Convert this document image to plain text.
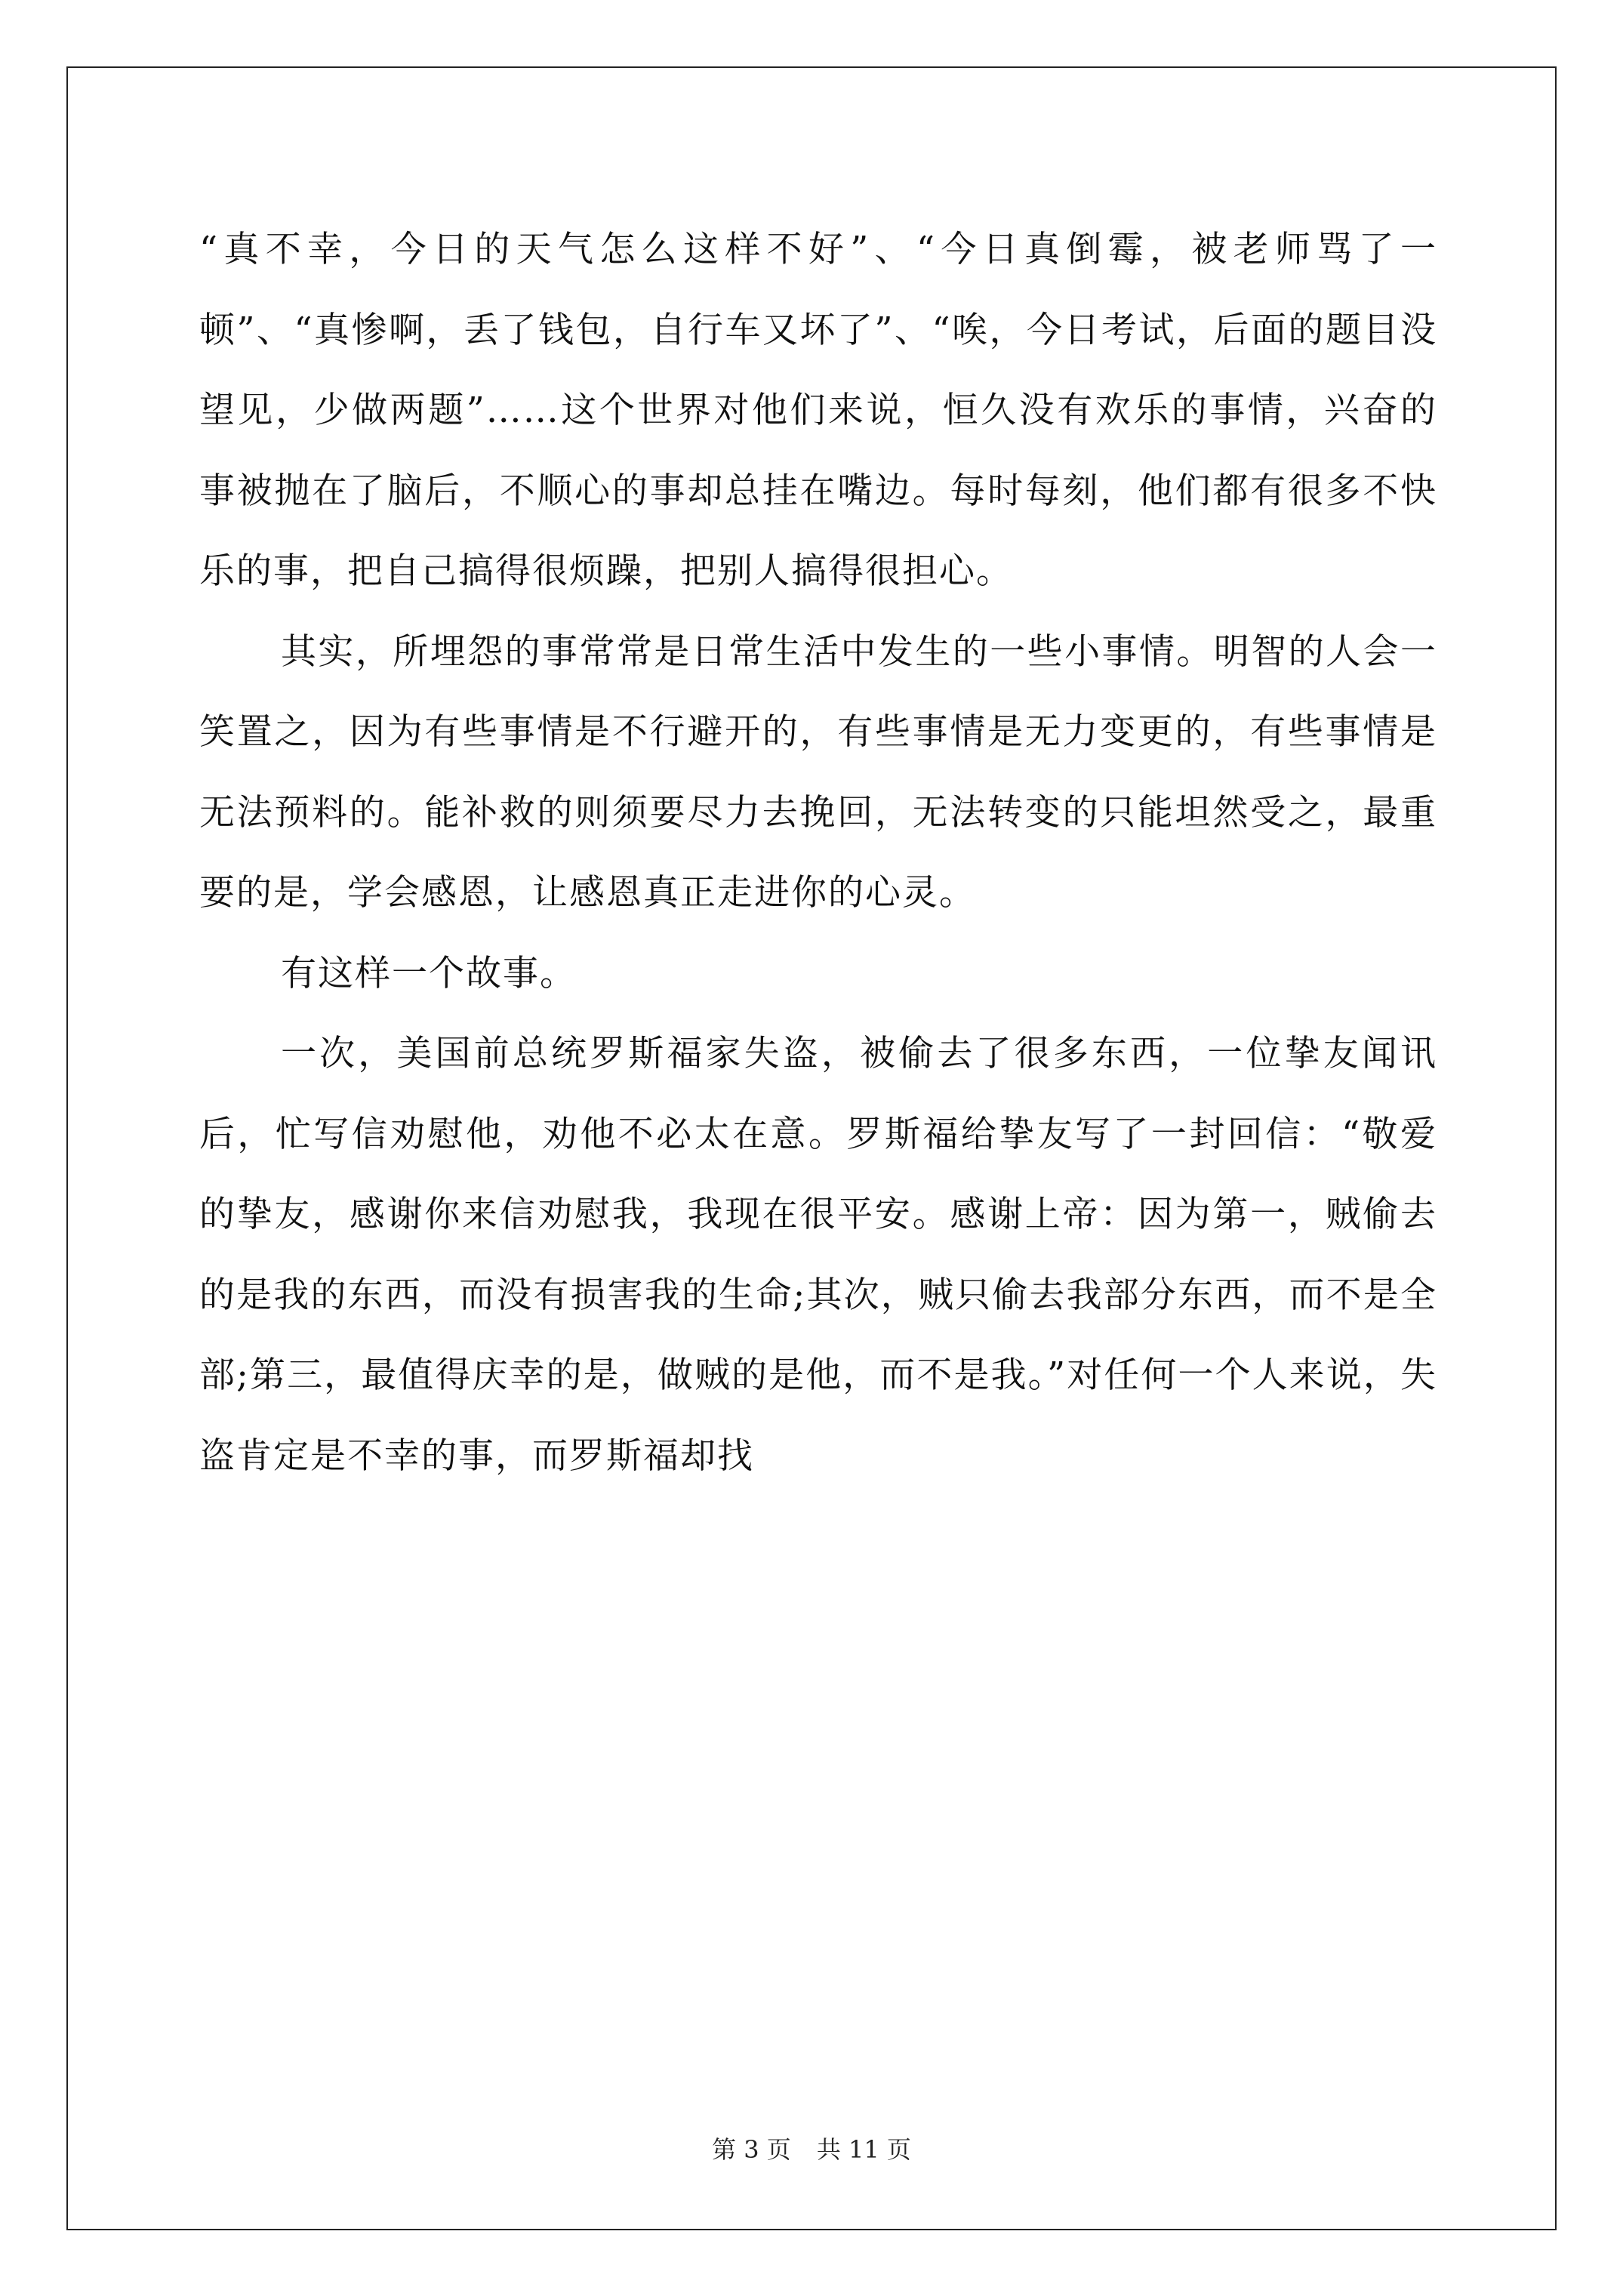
“真不幸，今日的天气怎么这样不好”、“今日真倒霉，被老师骂了一顿”、“真惨啊，丢了钱包，自行车又坏了”、“唉，今日考试，后面的题目没望见，少做两题”……这个世界对他们来说，恒久没有欢乐的事情，兴奋的事被抛在了脑后，不顺心的事却总挂在嘴边。每时每刻，他们都有很多不快乐的事，把自己搞得很烦躁，把别人搞得很担心。

其实，所埋怨的事常常是日常生活中发生的一些小事情。明智的人会一笑置之，因为有些事情是不行避开的，有些事情是无力变更的，有些事情是无法预料的。能补救的则须要尽力去挽回，无法转变的只能坦然受之，最重要的是，学会感恩，让感恩真正走进你的心灵。

有这样一个故事。

一次，美国前总统罗斯福家失盗，被偷去了很多东西，一位挚友闻讯后，忙写信劝慰他，劝他不必太在意。罗斯福给挚友写了一封回信：“敬爱的挚友，感谢你来信劝慰我，我现在很平安。感谢上帝：因为第一，贼偷去的是我的东西，而没有损害我的生命;其次，贼只偷去我部分东西，而不是全部;第三，最值得庆幸的是，做贼的是他，而不是我。”对任何一个人来说，失盗肯定是不幸的事，而罗斯福却找

第 3 页 共 11 页
